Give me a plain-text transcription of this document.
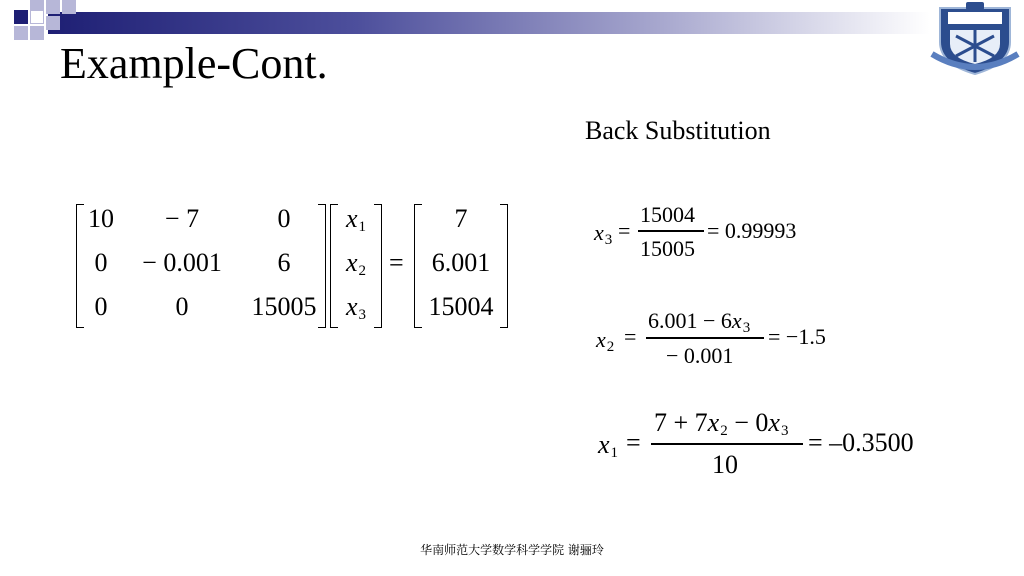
Example-Cont.
10 − 7	0
0 − 0.001 6
0	0 15005
$x_1$
$x_2$
$x_3$
=
7
6.001
15004
Back Substitution
$x_3$ =
15004
15005
= 0.99993
$x_2$ =
$6.001 - 6x_3$
− 0.001
= −1.5
$x_1$ =
$7 + 7x_2 - 0x_3$
10
= –0.3500
华南师范大学数学科学学院 谢骊玲
